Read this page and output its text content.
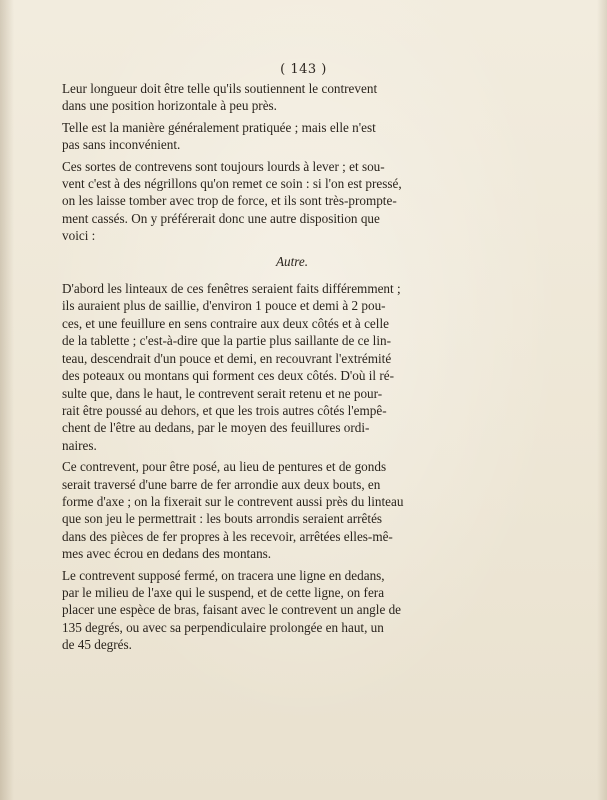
( 143 )
Leur longueur doit être telle qu'ils soutiennent le contrevent
dans une position horizontale à peu près.
Telle est la manière généralement pratiquée ; mais elle n'est
pas sans inconvénient.
Ces sortes de contrevens sont toujours lourds à lever ; et sou-
vent c'est à des négrillons qu'on remet ce soin : si l'on est pressé,
on les laisse tomber avec trop de force, et ils sont très-prompte-
ment cassés. On y préférerait donc une autre disposition que
voici :
Autre.
D'abord les linteaux de ces fenêtres seraient faits différemment ;
ils auraient plus de saillie, d'environ 1 pouce et demi à 2 pou-
ces, et une feuillure en sens contraire aux deux côtés et à celle
de la tablette ; c'est-à-dire que la partie plus saillante de ce lin-
teau, descendrait d'un pouce et demi, en recouvrant l'extrémité
des poteaux ou montans qui forment ces deux côtés. D'où il ré-
sulte que, dans le haut, le contrevent serait retenu et ne pour-
rait être poussé au dehors, et que les trois autres côtés l'empê-
chent de l'être au dedans, par le moyen des feuillures ordi-
naires.
Ce contrevent, pour être posé, au lieu de pentures et de gonds
serait traversé d'une barre de fer arrondie aux deux bouts, en
forme d'axe ; on la fixerait sur le contrevent aussi près du linteau
que son jeu le permettrait : les bouts arrondis seraient arrêtés
dans des pièces de fer propres à les recevoir, arrêtées elles-mê-
mes avec écrou en dedans des montans.
Le contrevent supposé fermé, on tracera une ligne en dedans,
par le milieu de l'axe qui le suspend, et de cette ligne, on fera
placer une espèce de bras, faisant avec le contrevent un angle de
135 degrés, ou avec sa perpendiculaire prolongée en haut, un
de 45 degrés.
